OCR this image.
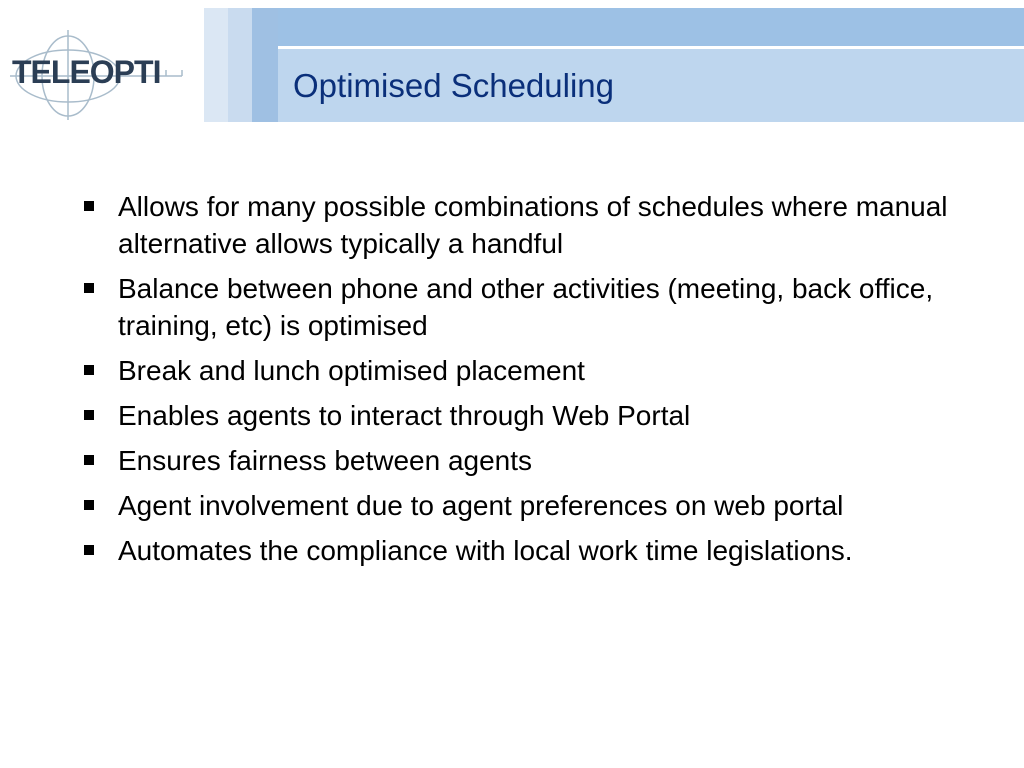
Optimised Scheduling
TELEOPTI
Allows for many possible combinations of schedules where manual alternative allows typically a handful
Balance between phone and other activities (meeting, back office, training, etc) is optimised
Break and lunch optimised placement
Enables agents to interact through Web Portal
Ensures fairness between agents
Agent involvement due to agent preferences on web portal
Automates the compliance with local work time legislations.
